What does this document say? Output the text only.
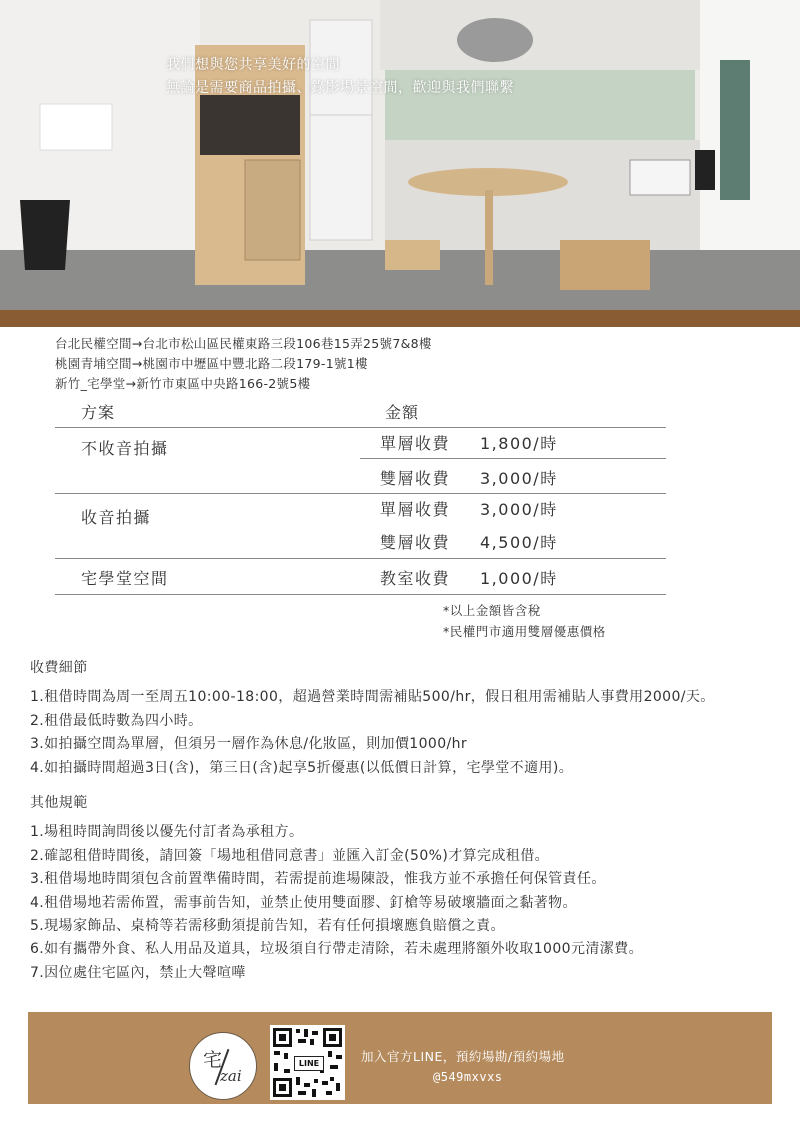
我們想與您共享美好的空間
無論是需要商品拍攝、錄影場景空間，歡迎與我們聯繫
台北民權空間→台北市松山區民權東路三段106巷15弄25號7&8樓
桃園青埔空間→桃園市中壢區中豐北路二段179-1號1樓
新竹_宅學堂→新竹市東區中央路166-2號5樓
方案	金額
不收音拍攝	單層收費 1,800/時
雙層收費 3,000/時
收音拍攝	單層收費 3,000/時
雙層收費 4,500/時
宅學堂空間	教室收費 1,000/時
*以上金額皆含稅
*民權門市適用雙層優惠價格
收費細節
1.租借時間為周一至周五10:00-18:00，超過營業時間需補貼500/hr，假日租用需補貼人事費用2000/天。
2.租借最低時數為四小時。
3.如拍攝空間為單層，但須另一層作為休息/化妝區，則加價1000/hr
4.如拍攝時間超過3日(含)，第三日(含)起享5折優惠(以低價日計算，宅學堂不適用)。
其他規範
1.場租時間詢問後以優先付訂者為承租方。
2.確認租借時間後，請回簽「場地租借同意書」並匯入訂金(50%)才算完成租借。
3.租借場地時間須包含前置準備時間，若需提前進場陳設，惟我方並不承擔任何保管責任。
4.租借場地若需佈置，需事前告知，並禁止使用雙面膠、釘槍等易破壞牆面之黏著物。
5.現場家飾品、桌椅等若需移動須提前告知，若有任何損壞應負賠償之責。
6.如有攜帶外食、私人用品及道具，垃圾須自行帶走清除，若未處理將額外收取1000元清潔費。
7.因位處住宅區內，禁止大聲喧嘩
宅
zai
LINE	加入官方LINE，預約場勘/預約場地
@549mxvxs
